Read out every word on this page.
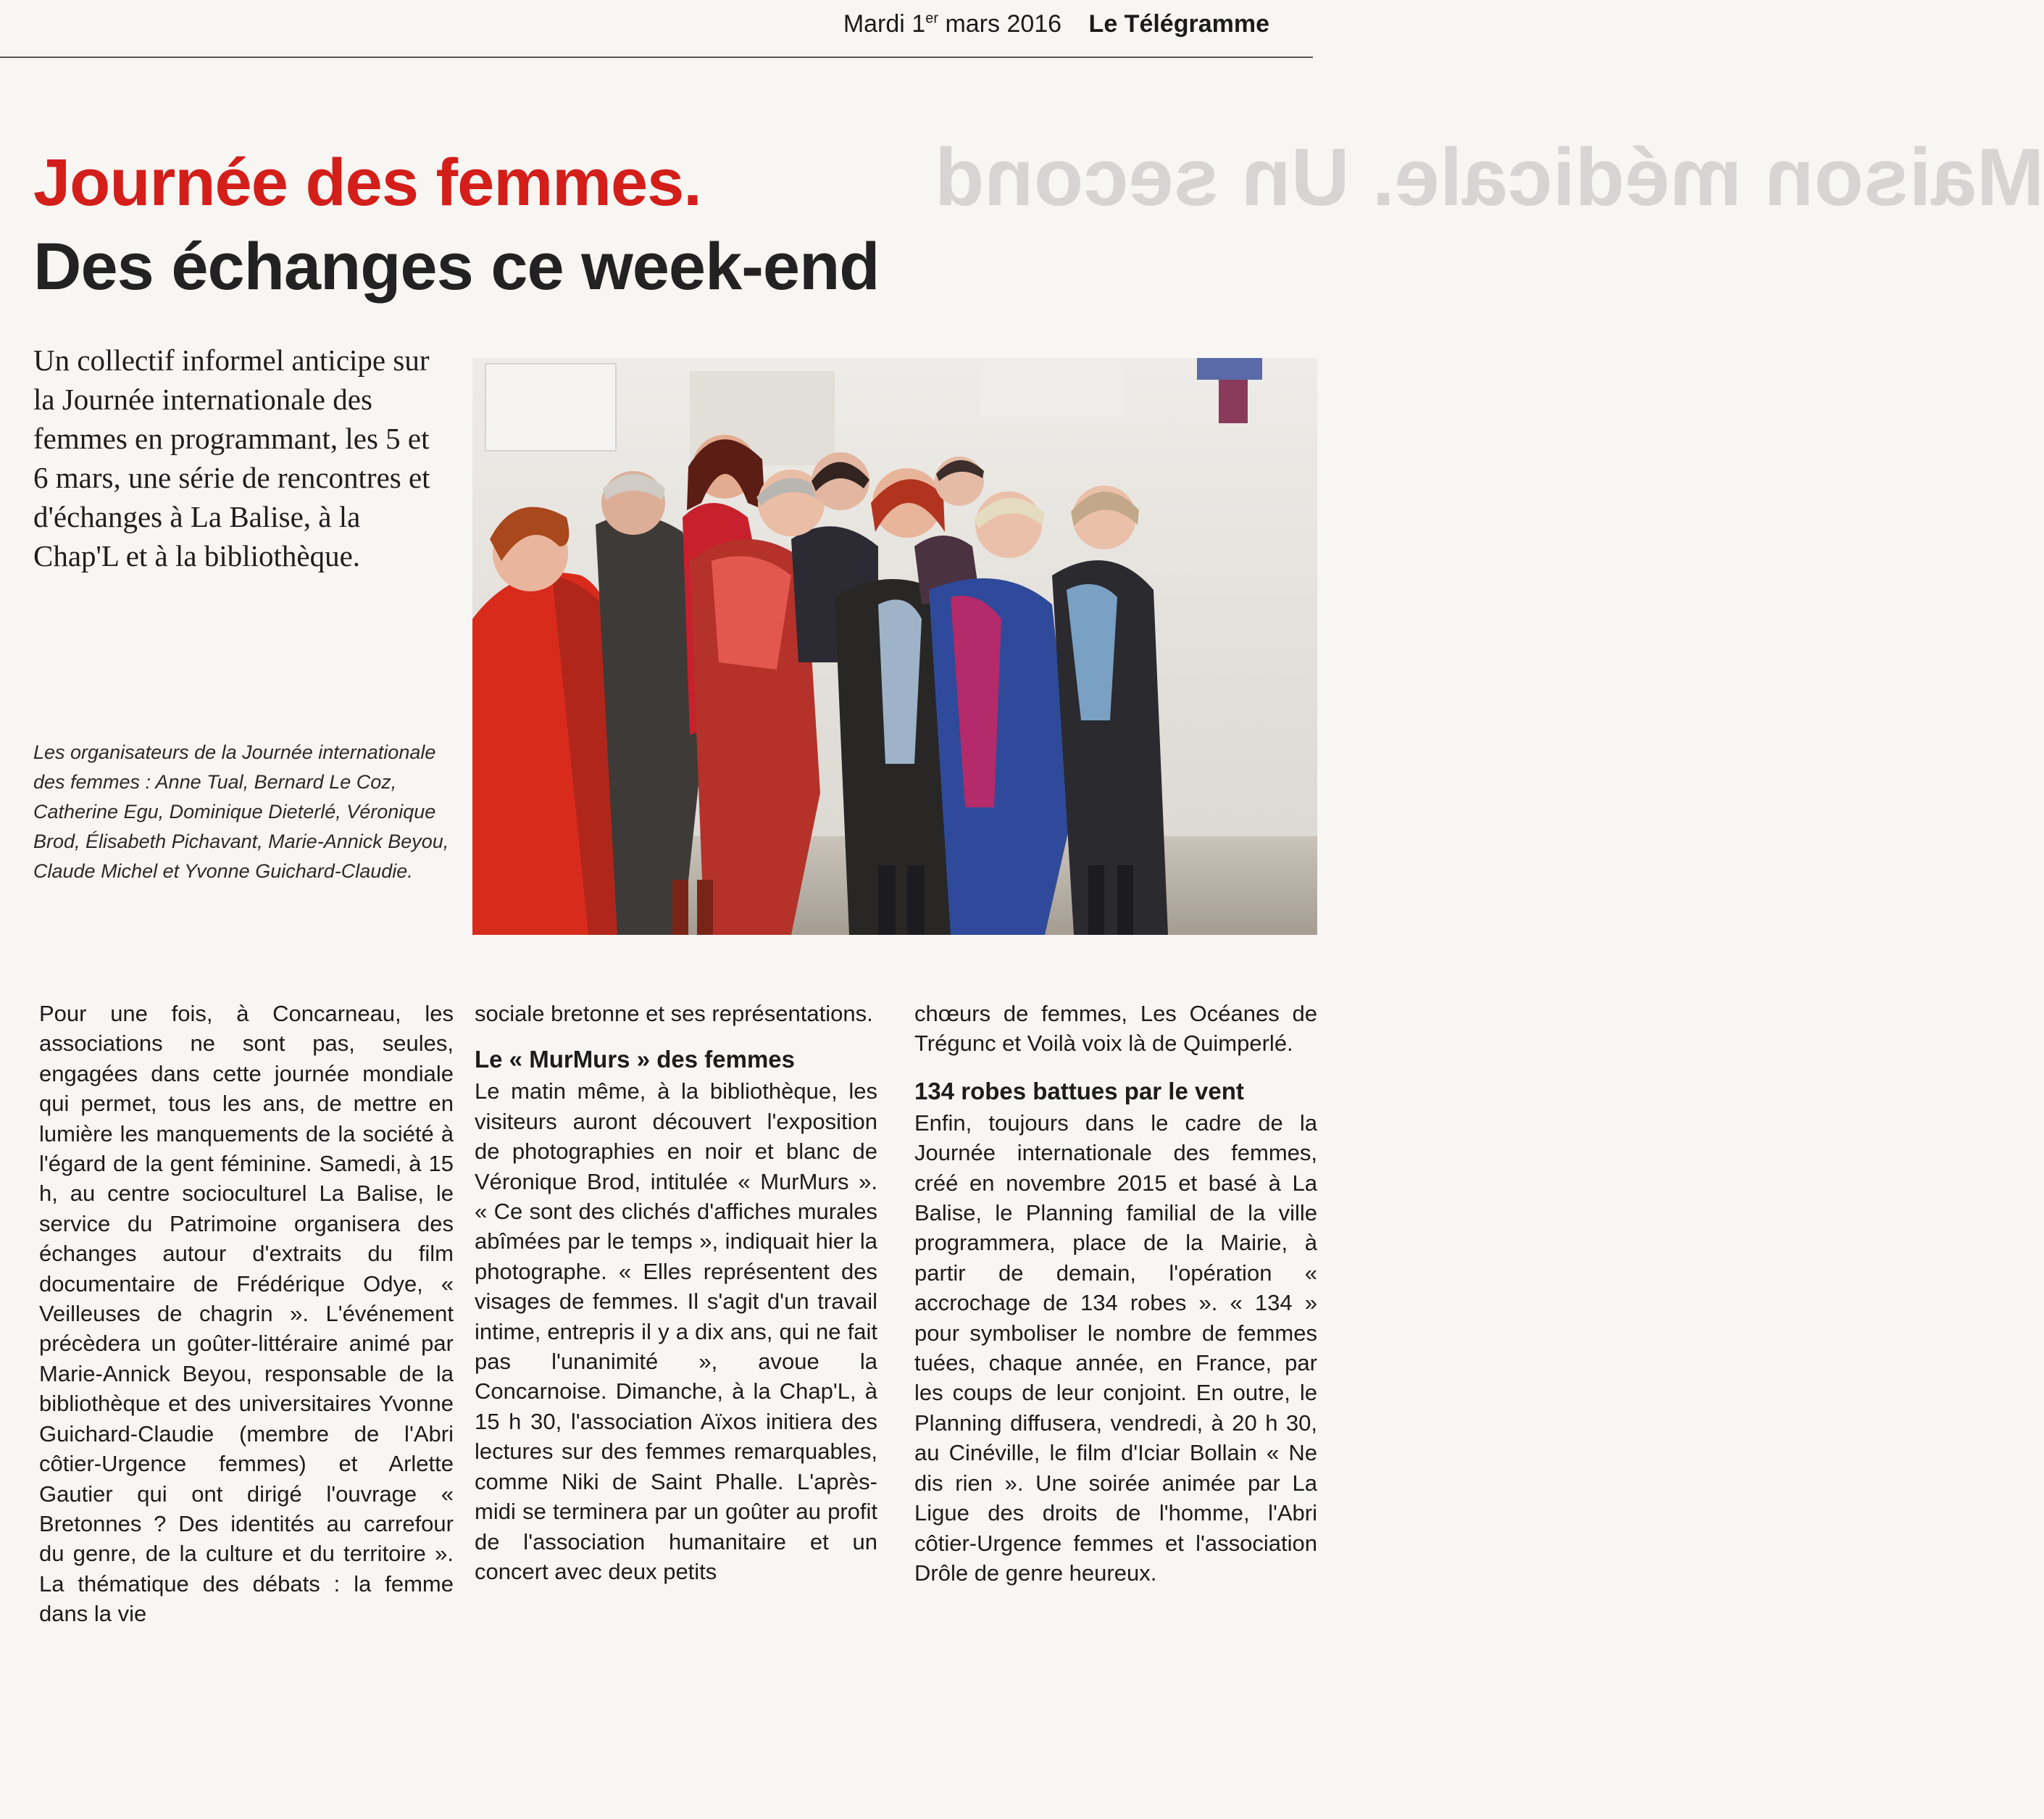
Mardi 1er mars 2016 Le Télégramme
Maison médicale. Un second
Journée des femmes.
Des échanges ce week-end
Un collectif informel anticipe sur la Journée internationale des femmes en programmant, les 5 et 6 mars, une série de rencontres et d'échanges à La Balise, à la Chap'L et à la bibliothèque.
Les organisateurs de la Journée internationale des femmes : Anne Tual, Bernard Le Coz, Catherine Egu, Dominique Dieterlé, Véronique Brod, Élisabeth Pichavant, Marie-Annick Beyou, Claude Michel et Yvonne Guichard-Claudie.

Pour une fois, à Concarneau, les associations ne sont pas, seules, engagées dans cette journée mondiale qui permet, tous les ans, de mettre en lumière les manquements de la société à l'égard de la gent féminine. Samedi, à 15 h, au centre socioculturel La Balise, le service du Patrimoine organisera des échanges autour d'extraits du film documentaire de Frédérique Odye, « Veilleuses de chagrin ». L'événement précèdera un goûter-littéraire animé par Marie-Annick Beyou, responsable de la bibliothèque et des universitaires Yvonne Guichard-Claudie (membre de l'Abri côtier-Urgence femmes) et Arlette Gautier qui ont dirigé l'ouvrage « Bretonnes ? Des identités au carrefour du genre, de la culture et du territoire ». La thématique des débats : la femme dans la vie

sociale bretonne et ses représentations.

Le « MurMurs » des femmes

Le matin même, à la bibliothèque, les visiteurs auront découvert l'exposition de photographies en noir et blanc de Véronique Brod, intitulée « MurMurs ». « Ce sont des clichés d'affiches murales abîmées par le temps », indiquait hier la photographe. « Elles représentent des visages de femmes. Il s'agit d'un travail intime, entrepris il y a dix ans, qui ne fait pas l'unanimité », avoue la Concarnoise. Dimanche, à la Chap'L, à 15 h 30, l'association Aïxos initiera des lectures sur des femmes remarquables, comme Niki de Saint Phalle. L'après-midi se terminera par un goûter au profit de l'association humanitaire et un concert avec deux petits

chœurs de femmes, Les Océanes de Trégunc et Voilà voix là de Quimperlé.

134 robes battues par le vent

Enfin, toujours dans le cadre de la Journée internationale des femmes, créé en novembre 2015 et basé à La Balise, le Planning familial de la ville programmera, place de la Mairie, à partir de demain, l'opération « accrochage de 134 robes ». « 134 » pour symboliser le nombre de femmes tuées, chaque année, en France, par les coups de leur conjoint. En outre, le Planning diffusera, vendredi, à 20 h 30, au Cinéville, le film d'Iciar Bollain « Ne dis rien ». Une soirée animée par La Ligue des droits de l'homme, l'Abri côtier-Urgence femmes et l'association Drôle de genre heureux.
